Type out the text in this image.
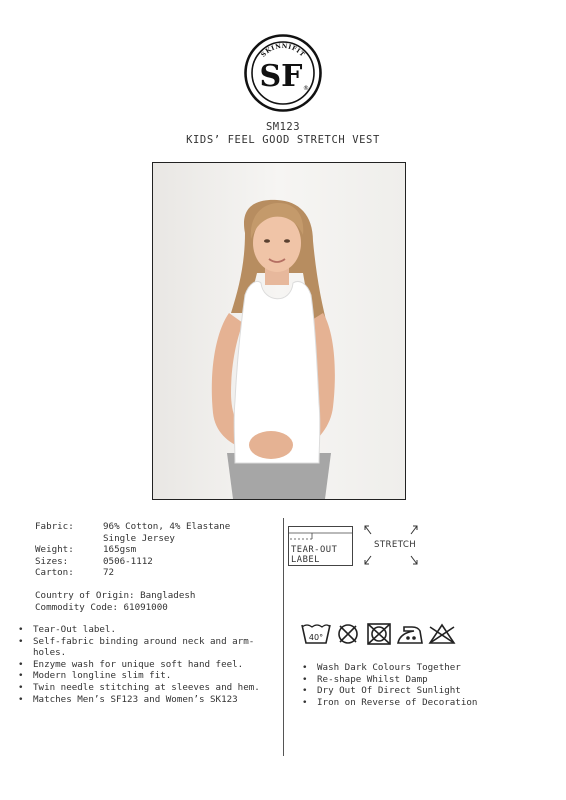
SKINNIFIT
SF ®
SM123
KIDS’ FEEL GOOD STRETCH VEST
Fabric:	96% Cotton, 4% Elastane
Single Jersey
Weight:	165gsm
Sizes:	0506-1112
Carton:	72
Country of Origin: Bangladesh
Commodity Code: 61091000
• Tear-Out label.
• Self-fabric binding around neck and arm-
holes.
• Enzyme wash for unique soft hand feel.
• Modern longline slim fit.
• Twin needle stitching at sleeves and hem.
• Matches Men’s SF123 and Women’s SK123
TEAR-OUT
LABEL
STRETCH
40°
• Wash Dark Colours Together
• Re-shape Whilst Damp
• Dry Out Of Direct Sunlight
• Iron on Reverse of Decoration
